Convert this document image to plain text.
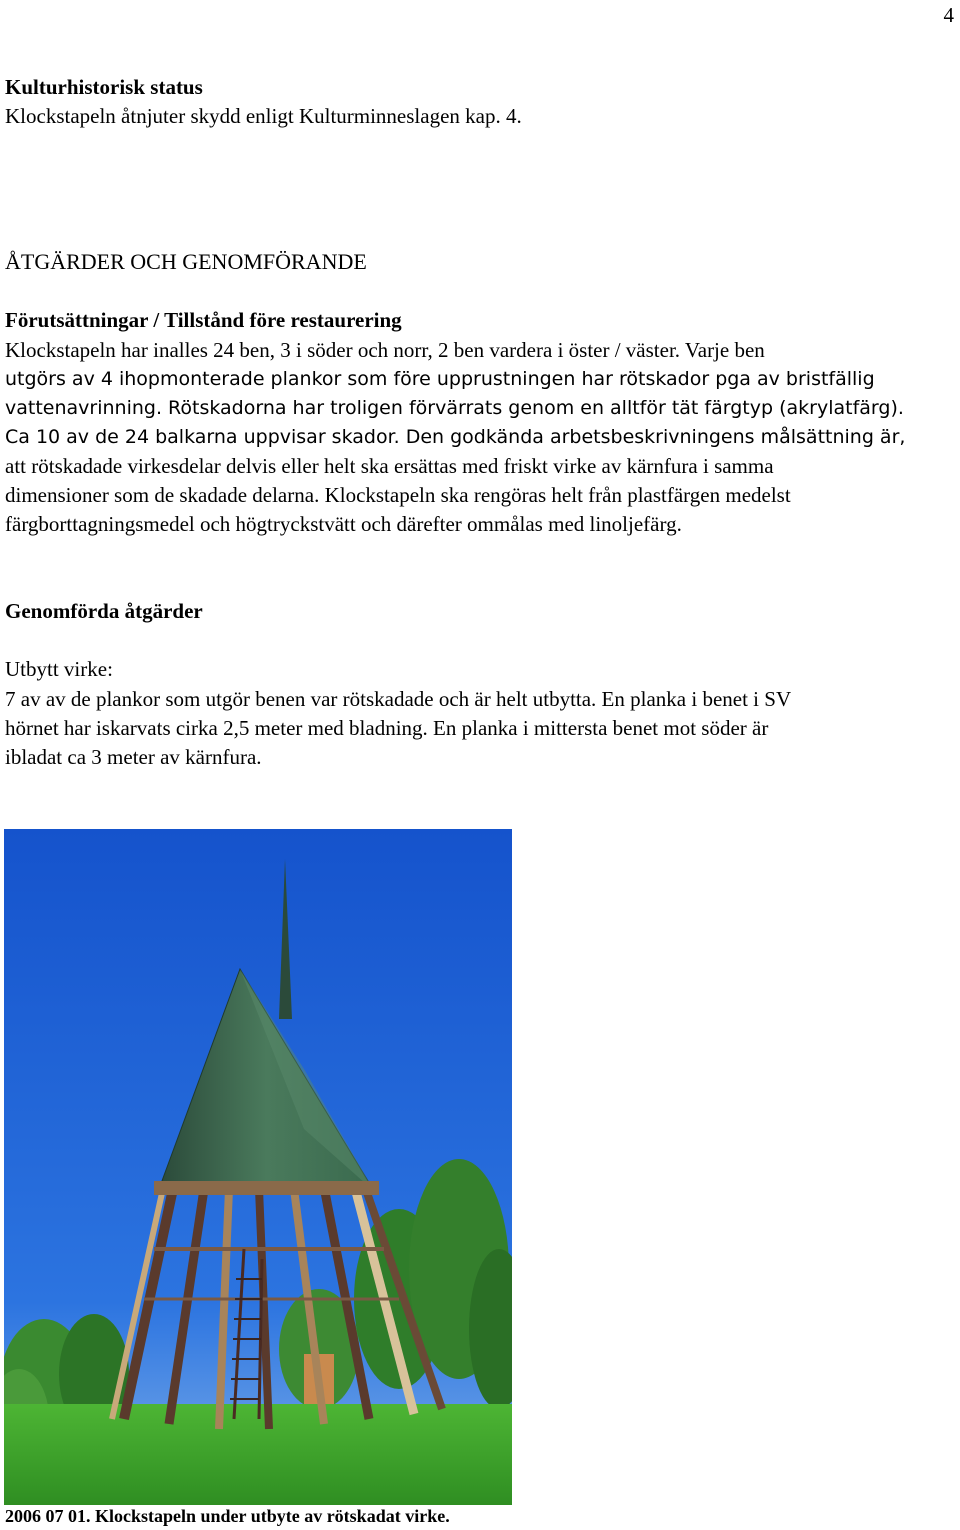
4

Kulturhistorisk status

Klockstapeln åtnjuter skydd enligt Kulturminneslagen kap. 4.

ÅTGÄRDER OCH GENOMFÖRANDE

Förutsättningar / Tillstånd före restaurering

Klockstapeln har inalles 24 ben, 3 i söder och norr, 2 ben vardera i öster / väster. Varje ben

utgörs av 4 ihopmonterade plankor som före upprustningen har rötskador pga av bristfällig

vattenavrinning. Rötskadorna har troligen förvärrats genom en alltför tät färgtyp (akrylatfärg).

Ca 10 av de 24 balkarna uppvisar skador. Den godkända arbetsbeskrivningens målsättning är,

att rötskadade virkesdelar delvis eller helt ska ersättas med friskt virke av kärnfura i samma

dimensioner som de skadade delarna. Klockstapeln ska rengöras helt från plastfärgen medelst

färgborttagningsmedel och högtryckstvätt och därefter ommålas med linoljefärg.

Genomförda åtgärder

Utbytt virke:

7 av av de plankor som utgör benen var rötskadade och är helt utbytta. En planka i benet i SV

hörnet har iskarvats cirka 2,5 meter med bladning. En planka i mittersta benet mot söder är

ibladat ca 3 meter av kärnfura.

2006 07 01. Klockstapeln under utbyte av rötskadat virke.
